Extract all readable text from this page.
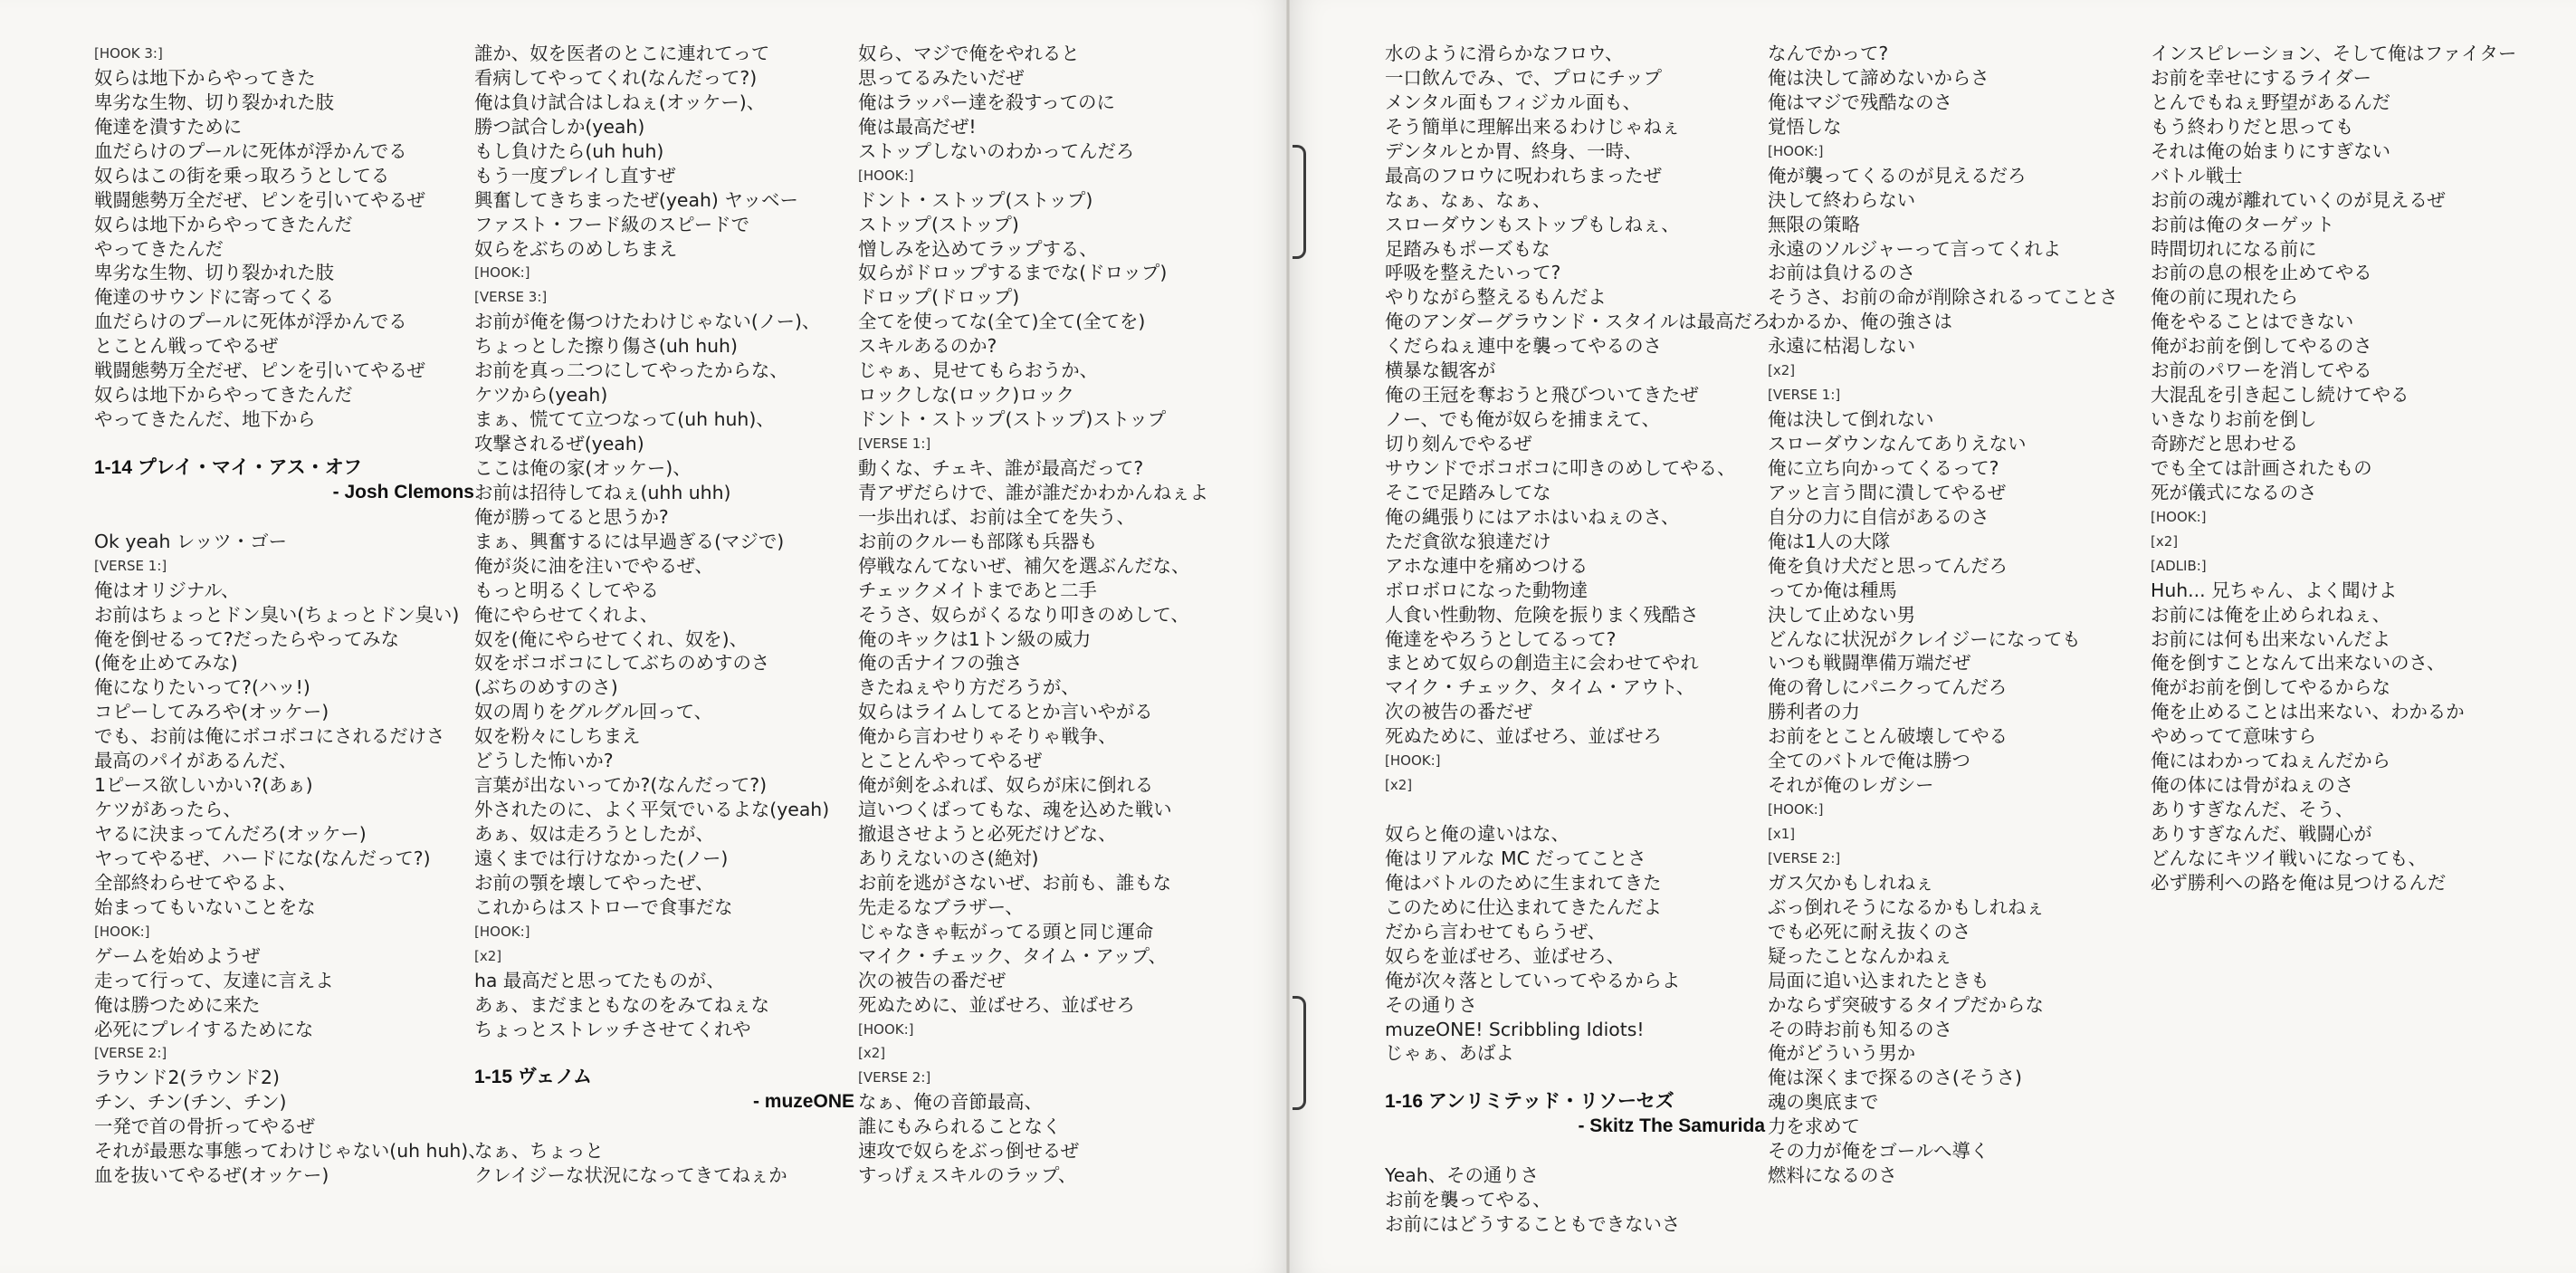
[HOOK 3:]
奴らは地下からやってきた
卑劣な生物、切り裂かれた肢
俺達を潰すために
血だらけのプールに死体が浮かんでる
奴らはこの街を乗っ取ろうとしてる
戦闘態勢万全だぜ、ピンを引いてやるぜ
奴らは地下からやってきたんだ
やってきたんだ
卑劣な生物、切り裂かれた肢
俺達のサウンドに寄ってくる
血だらけのプールに死体が浮かんでる
とことん戦ってやるぜ
戦闘態勢万全だぜ、ピンを引いてやるぜ
奴らは地下からやってきたんだ
やってきたんだ、地下から
1-14 プレイ・マイ・アス・オフ
- Josh Clemons
Ok yeah レッツ・ゴー
[VERSE 1:]
俺はオリジナル、
お前はちょっとドン臭い(ちょっとドン臭い)
俺を倒せるって?だったらやってみな
(俺を止めてみな)
俺になりたいって?(ハッ!)
コピーしてみろや(オッケー)
でも、お前は俺にボコボコにされるだけさ
最高のパイがあるんだ、
1ピース欲しいかい?(あぁ)
ケツがあったら、
ヤるに決まってんだろ(オッケー)
ヤってやるぜ、ハードにな(なんだって?)
全部終わらせてやるよ、
始まってもいないことをな
[HOOK:]
ゲームを始めようぜ
走って行って、友達に言えよ
俺は勝つために来た
必死にプレイするためにな
[VERSE 2:]
ラウンド2(ラウンド2)
チン、チン(チン、チン)
一発で首の骨折ってやるぜ
それが最悪な事態ってわけじゃない(uh huh)、
血を抜いてやるぜ(オッケー)
誰か、奴を医者のとこに連れてって
看病してやってくれ(なんだって?)
俺は負け試合はしねぇ(オッケー)、
勝つ試合しか(yeah)
もし負けたら(uh huh)
もう一度プレイし直すぜ
興奮してきちまったぜ(yeah) ヤッベー
ファスト・フード級のスピードで
奴らをぶちのめしちまえ
[HOOK:]
[VERSE 3:]
お前が俺を傷つけたわけじゃない(ノー)、
ちょっとした擦り傷さ(uh huh)
お前を真っ二つにしてやったからな、
ケツから(yeah)
まぁ、慌てて立つなって(uh huh)、
攻撃されるぜ(yeah)
ここは俺の家(オッケー)、
お前は招待してねぇ(uhh uhh)
俺が勝ってると思うか?
まぁ、興奮するには早過ぎる(マジで)
俺が炎に油を注いでやるぜ、
もっと明るくしてやる
俺にやらせてくれよ、
奴を(俺にやらせてくれ、奴を)、
奴をボコボコにしてぶちのめすのさ
(ぶちのめすのさ)
奴の周りをグルグル回って、
奴を粉々にしちまえ
どうした怖いか?
言葉が出ないってか?(なんだって?)
外されたのに、よく平気でいるよな(yeah)
あぁ、奴は走ろうとしたが、
遠くまでは行けなかった(ノー)
お前の顎を壊してやったぜ、
これからはストローで食事だな
[HOOK:]
[x2]
ha 最高だと思ってたものが、
あぁ、まだまともなのをみてねぇな
ちょっとストレッチさせてくれや
1-15 ヴェノム
- muzeONE
なぁ、ちょっと
クレイジーな状況になってきてねぇか
奴ら、マジで俺をやれると
思ってるみたいだぜ
俺はラッパー達を殺すってのに
俺は最高だぜ!
ストップしないのわかってんだろ
[HOOK:]
ドント・ストップ(ストップ)
ストップ(ストップ)
憎しみを込めてラップする、
奴らがドロップするまでな(ドロップ)
ドロップ(ドロップ)
全てを使ってな(全て)全て(全てを)
スキルあるのか?
じゃぁ、見せてもらおうか、
ロックしな(ロック)ロック
ドント・ストップ(ストップ)ストップ
[VERSE 1:]
動くな、チェキ、誰が最高だって?
青アザだらけで、誰が誰だかわかんねぇよ
一歩出れば、お前は全てを失う、
お前のクルーも部隊も兵器も
停戦なんてないぜ、補欠を選ぶんだな、
チェックメイトまであと二手
そうさ、奴らがくるなり叩きのめして、
俺のキックは1トン級の威力
俺の舌ナイフの強さ
きたねぇやり方だろうが、
奴らはライムしてるとか言いやがる
俺から言わせりゃそりゃ戦争、
とことんやってやるぜ
俺が剣をふれば、奴らが床に倒れる
這いつくばってもな、魂を込めた戦い
撤退させようと必死だけどな、
ありえないのさ(絶対)
お前を逃がさないぜ、お前も、誰もな
先走るなブラザー、
じゃなきゃ転がってる頭と同じ運命
マイク・チェック、タイム・アップ、
次の被告の番だぜ
死ぬために、並ばせろ、並ばせろ
[HOOK:]
[x2]
[VERSE 2:]
なぁ、俺の音節最高、
誰にもみられることなく
速攻で奴らをぶっ倒せるぜ
すっげぇスキルのラップ、
水のように滑らかなフロウ、
一口飲んでみ、で、プロにチップ
メンタル面もフィジカル面も、
そう簡単に理解出来るわけじゃねぇ
デンタルとか胃、終身、一時、
最高のフロウに呪われちまったぜ
なぁ、なぁ、なぁ、
スローダウンもストップもしねぇ、
足踏みもポーズもな
呼吸を整えたいって?
やりながら整えるもんだよ
俺のアンダーグラウンド・スタイルは最高だろ、
くだらねぇ連中を襲ってやるのさ
横暴な観客が
俺の王冠を奪おうと飛びついてきたぜ
ノー、でも俺が奴らを捕まえて、
切り刻んでやるぜ
サウンドでボコボコに叩きのめしてやる、
そこで足踏みしてな
俺の縄張りにはアホはいねぇのさ、
ただ貪欲な狼達だけ
アホな連中を痛めつける
ボロボロになった動物達
人食い性動物、危険を振りまく残酷さ
俺達をやろうとしてるって?
まとめて奴らの創造主に会わせてやれ
マイク・チェック、タイム・アウト、
次の被告の番だぜ
死ぬために、並ばせろ、並ばせろ
[HOOK:]
[x2]
奴らと俺の違いはな、
俺はリアルな MC だってことさ
俺はバトルのために生まれてきた
このために仕込まれてきたんだよ
だから言わせてもらうぜ、
奴らを並ばせろ、並ばせろ、
俺が次々落としていってやるからよ
その通りさ
muzeONE! Scribbling Idiots!
じゃぁ、あばよ
1-16 アンリミテッド・リソーセズ
- Skitz The Samurida
Yeah、その通りさ
お前を襲ってやる、
お前にはどうすることもできないさ
なんでかって?
俺は決して諦めないからさ
俺はマジで残酷なのさ
覚悟しな
[HOOK:]
俺が襲ってくるのが見えるだろ
決して終わらない
無限の策略
永遠のソルジャーって言ってくれよ
お前は負けるのさ
そうさ、お前の命が削除されるってことさ
わかるか、俺の強さは
永遠に枯渇しない
[x2]
[VERSE 1:]
俺は決して倒れない
スローダウンなんてありえない
俺に立ち向かってくるって?
アッと言う間に潰してやるぜ
自分の力に自信があるのさ
俺は1人の大隊
俺を負け犬だと思ってんだろ
ってか俺は種馬
決して止めない男
どんなに状況がクレイジーになっても
いつも戦闘準備万端だぜ
俺の脅しにパニクってんだろ
勝利者の力
お前をとことん破壊してやる
全てのバトルで俺は勝つ
それが俺のレガシー
[HOOK:]
[x1]
[VERSE 2:]
ガス欠かもしれねぇ
ぶっ倒れそうになるかもしれねぇ
でも必死に耐え抜くのさ
疑ったことなんかねぇ
局面に追い込まれたときも
かならず突破するタイプだからな
その時お前も知るのさ
俺がどういう男か
俺は深くまで探るのさ(そうさ)
魂の奥底まで
力を求めて
その力が俺をゴールへ導く
燃料になるのさ
インスピレーション、そして俺はファイター
お前を幸せにするライダー
とんでもねぇ野望があるんだ
もう終わりだと思っても
それは俺の始まりにすぎない
バトル戦士
お前の魂が離れていくのが見えるぜ
お前は俺のターゲット
時間切れになる前に
お前の息の根を止めてやる
俺の前に現れたら
俺をやることはできない
俺がお前を倒してやるのさ
お前のパワーを消してやる
大混乱を引き起こし続けてやる
いきなりお前を倒し
奇跡だと思わせる
でも全ては計画されたもの
死が儀式になるのさ
[HOOK:]
[x2]
[ADLIB:]
Huh... 兄ちゃん、よく聞けよ
お前には俺を止められねぇ、
お前には何も出来ないんだよ
俺を倒すことなんて出来ないのさ、
俺がお前を倒してやるからな
俺を止めることは出来ない、わかるか
やめってて意味すら
俺にはわかってねぇんだから
俺の体には骨がねぇのさ
ありすぎなんだ、そう、
ありすぎなんだ、戦闘心が
どんなにキツイ戦いになっても、
必ず勝利への路を俺は見つけるんだ
